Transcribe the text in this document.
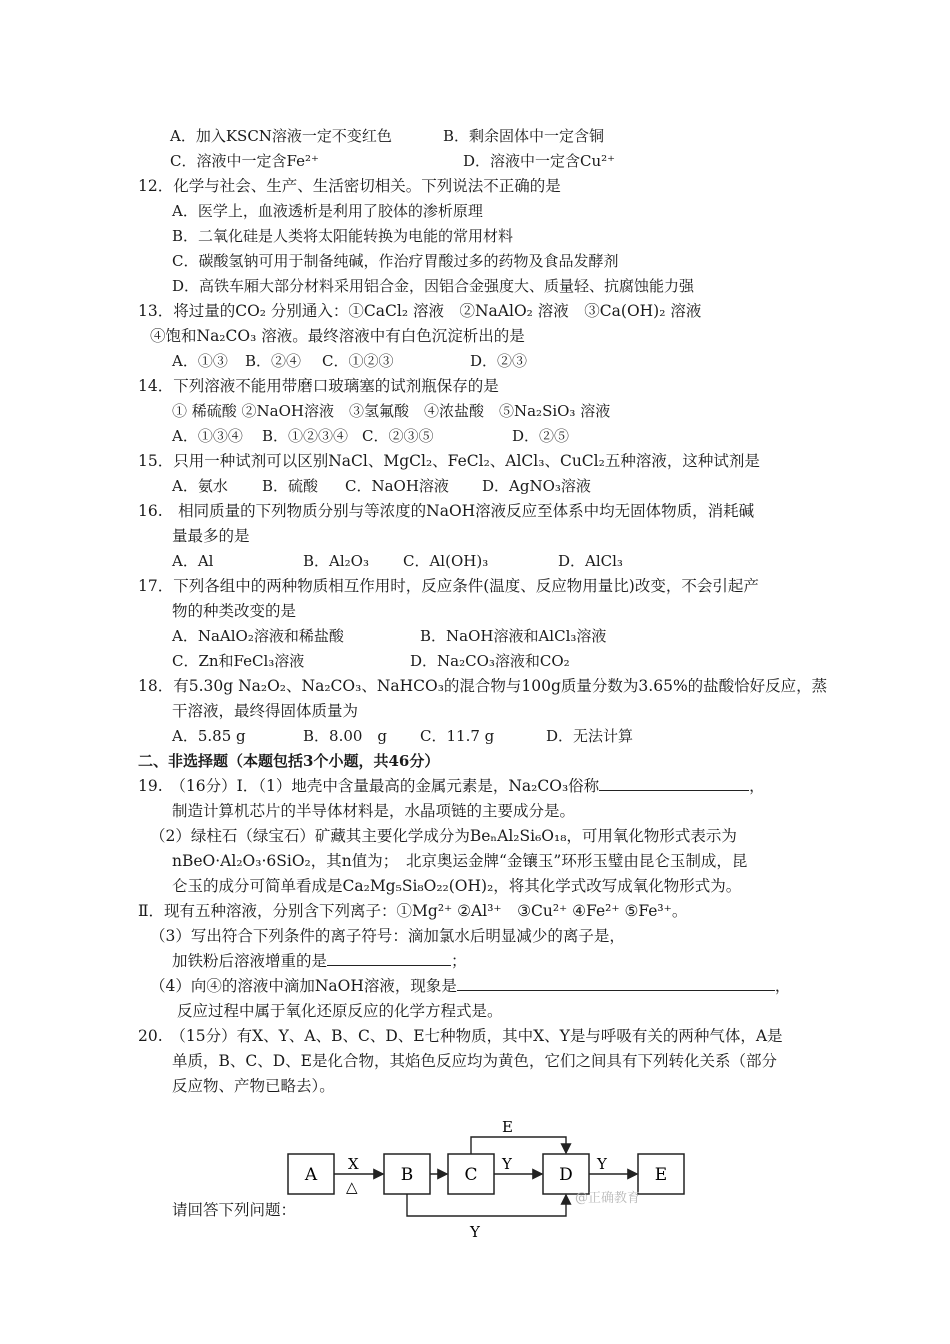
A．加入KSCN溶液一定不变红色	B．剩余固体中一定含铜
C．溶液中一定含Fe²⁺	D．溶液中一定含Cu²⁺
12．化学与社会、生产、生活密切相关。下列说法不正确的是
A．医学上，血液透析是利用了胶体的渗析原理
B．二氧化硅是人类将太阳能转换为电能的常用材料
C．碳酸氢钠可用于制备纯碱，作治疗胃酸过多的药物及食品发酵剂
D．高铁车厢大部分材料采用铝合金，因铝合金强度大、质量轻、抗腐蚀能力强
13．将过量的CO₂ 分别通入：①CaCl₂ 溶液　②NaAlO₂ 溶液　③Ca(OH)₂ 溶液
④饱和Na₂CO₃ 溶液。最终溶液中有白色沉淀析出的是
A．①③ B．②④ C．①②③	D．②③
14．下列溶液不能用带磨口玻璃塞的试剂瓶保存的是
① 稀硫酸 ②NaOH溶液　③氢氟酸　④浓盐酸　⑤Na₂SiO₃ 溶液
A．①③④ B．①②③④ C．②③⑤	D．②⑤
15．只用一种试剂可以区别NaCl、MgCl₂、FeCl₂、AlCl₃、CuCl₂五种溶液，这种试剂是
A．氨水 B．硫酸 C．NaOH溶液 D．AgNO₃溶液
16.　相同质量的下列物质分别与等浓度的NaOH溶液反应至体系中均无固体物质，消耗碱
量最多的是
A．Al	B．Al₂O₃ C．Al(OH)₃	D．AlCl₃
17．下列各组中的两种物质相互作用时，反应条件(温度、反应物用量比)改变，不会引起产
物的种类改变的是
A．NaAlO₂溶液和稀盐酸	B．NaOH溶液和AlCl₃溶液
C．Zn和FeCl₃溶液	D．Na₂CO₃溶液和CO₂
18．有5.30g Na₂O₂、Na₂CO₃、NaHCO₃的混合物与100g质量分数为3.65%的盐酸恰好反应，蒸
干溶液，最终得固体质量为
A．5.85 g	B．8.00　g C．11.7 g	D．无法计算
二、非选择题（本题包括3个小题，共46分）
19.　（16分）Ⅰ．（1）地壳中含量最高的金属元素是，Na₂CO₃俗称	，
制造计算机芯片的半导体材料是，水晶项链的主要成分是。
（2）绿柱石（绿宝石）矿藏其主要化学成分为BeₙAl₂Si₆O₁₈，可用氧化物形式表示为
nBeO·Al₂O₃·6SiO₂，其n值为；　北京奥运金牌“金镶玉”环形玉璧由昆仑玉制成，昆
仑玉的成分可简单看成是Ca₂Mg₅Si₈O₂₂(OH)₂，将其化学式改写成氧化物形式为。
Ⅱ．现有五种溶液，分别含下列离子：①Mg²⁺ ②Al³⁺　③Cu²⁺ ④Fe²⁺ ⑤Fe³⁺。
（3）写出符合下列条件的离子符号：滴加氯水后明显减少的离子是，
加铁粉后溶液增重的是	；
（4）向④的溶液中滴加NaOH溶液，现象是	，
反应过程中属于氧化还原反应的化学方程式是。
20.　（15分）有X、Y、A、B、C、D、E七种物质，其中X、Y是与呼吸有关的两种气体，A是
单质，B、C、D、E是化合物，其焰色反应均为黄色，它们之间具有下列转化关系（部分
反应物、产物已略去）。
A	B	C	D	E
X
△
Y	Y
E
Y
@正确教育
请回答下列问题：
